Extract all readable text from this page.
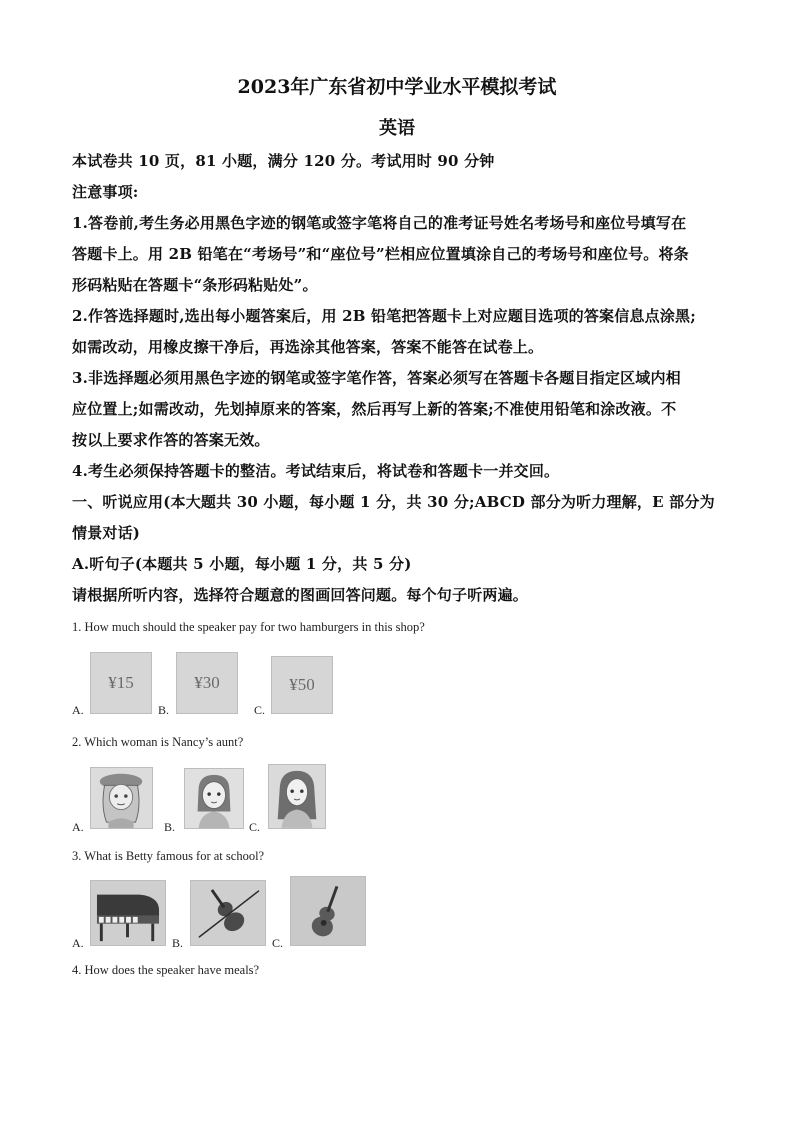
2023年广东省初中学业水平模拟考试
英语
本试卷共 10 页，81 小题，满分 120 分。考试用时 90 分钟
注意事项:
1.答卷前,考生务必用黑色字迹的钢笔或签字笔将自己的准考证号姓名考场号和座位号填写在
答题卡上。用 2B 铅笔在“考场号”和“座位号”栏相应位置填涂自己的考场号和座位号。将条
形码粘贴在答题卡“条形码粘贴处”。
2.作答选择题时,选出每小题答案后，用 2B 铅笔把答题卡上对应题目选项的答案信息点涂黑;
如需改动，用橡皮擦干净后，再选涂其他答案，答案不能答在试卷上。
3.非选择题必须用黑色字迹的钢笔或签字笔作答，答案必须写在答题卡各题目指定区域内相
应位置上;如需改动，先划掉原来的答案，然后再写上新的答案;不准使用铅笔和涂改液。不
按以上要求作答的答案无效。
4.考生必须保持答题卡的整洁。考试结束后，将试卷和答题卡一并交回。
一、听说应用(本大题共 30 小题，每小题 1 分，共 30 分;ABCD 部分为听力理解，E 部分为
情景对话)
A.听句子(本题共 5 小题，每小题 1 分，共 5 分)
请根据所听内容，选择符合题意的图画回答问题。每个句子听两遍。
1. How much should the speaker pay for two hamburgers in this shop?
A.
¥15
B.
¥30
C.
¥50
2. Which woman is Nancy’s aunt?
A.	B.	C.
3. What is Betty famous for at school?
A.	B.	C.
4. How does the speaker have meals?
